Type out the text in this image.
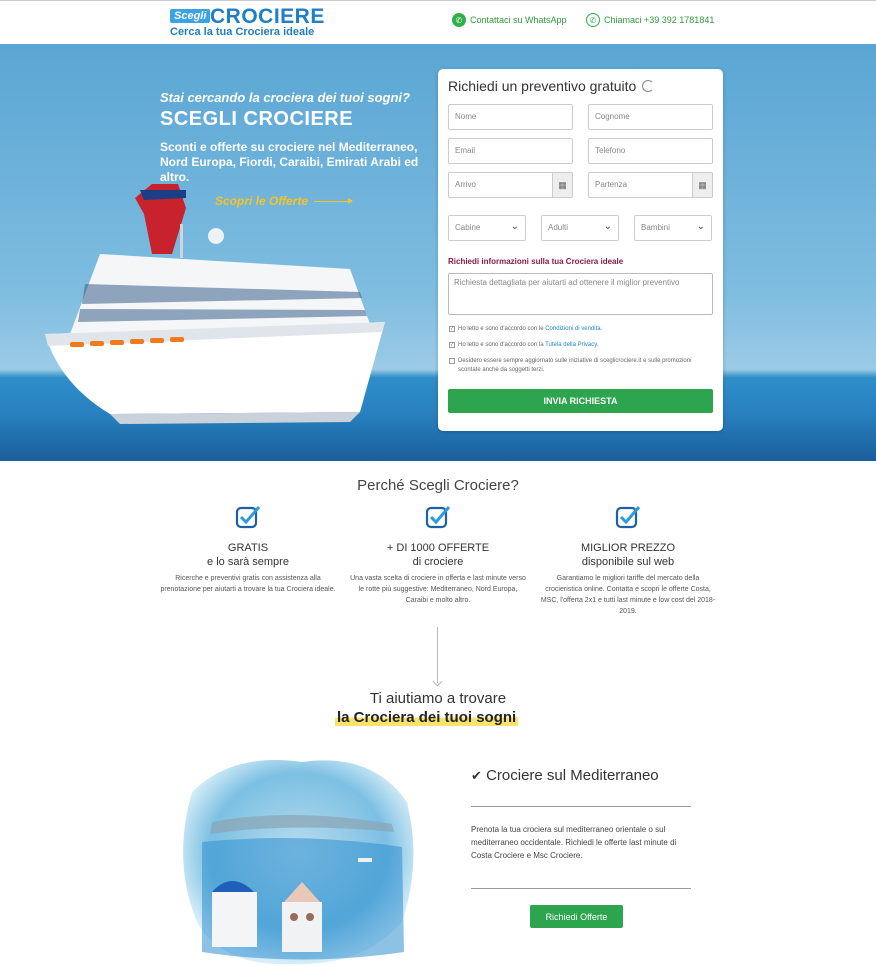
Scegli CROCIERE
Cerca la tua Crociera ideale
✆ Contattaci su WhatsApp	✆ Chiamaci +39 392 1781841
Stai cercando la crociera dei tuoi sogni?
SCEGLI CROCIERE
Sconti e offerte su crociere nel Mediterraneo, Nord Europa, Fiordi, Caraibi, Emirati Arabi ed altro.
Scopri le Offerte
Richiedi un preventivo gratuito
Nome	Cognome
Email	Telefono
Arrivo	▦	Partenza	▦
Cabine	⌄	Adulti	⌄	Bambini	⌄
Richiedi informazioni sulla tua Crociera ideale
Richiesta dettagliata per aiutarti ad ottenere il miglior preventivo
✓ Ho letto e sono d'accordo con le Condizioni di vendita.
✓ Ho letto e sono d'accordo con la Tutela della Privacy.
Desidero essere sempre aggiornato sulle iniziative di sceglicrociere.it e sulle promozioni scontate anche da soggetti terzi.
INVIA RICHIESTA
Perché Scegli Crociere?
GRATIS
e lo sarà sempre
Ricerche e preventivi gratis con assistenza alla prenotazione per aiutarti a trovare la tua Crociera ideale.
+ DI 1000 OFFERTE
di crociere
Una vasta scelta di crociere in offerta e last minute verso le rotte più suggestive: Mediterraneo, Nord Europa, Caraibi e molto altro.
MIGLIOR PREZZO
disponibile sul web
Garantiamo le migliori tariffe del mercato della crocieristica online. Contatta e scopri le offerte Costa, MSC, l'offerta 2x1 e tutti last minute e low cost del 2018-2019.
Ti aiutiamo a trovare
la Crociera dei tuoi sogni
✔ Crociere sul Mediterraneo
Prenota la tua crociera sul mediterraneo orientale o sul mediterraneo occidentale. Richiedi le offerte last minute di Costa Crociere e Msc Crociere.
Richiedi Offerte
